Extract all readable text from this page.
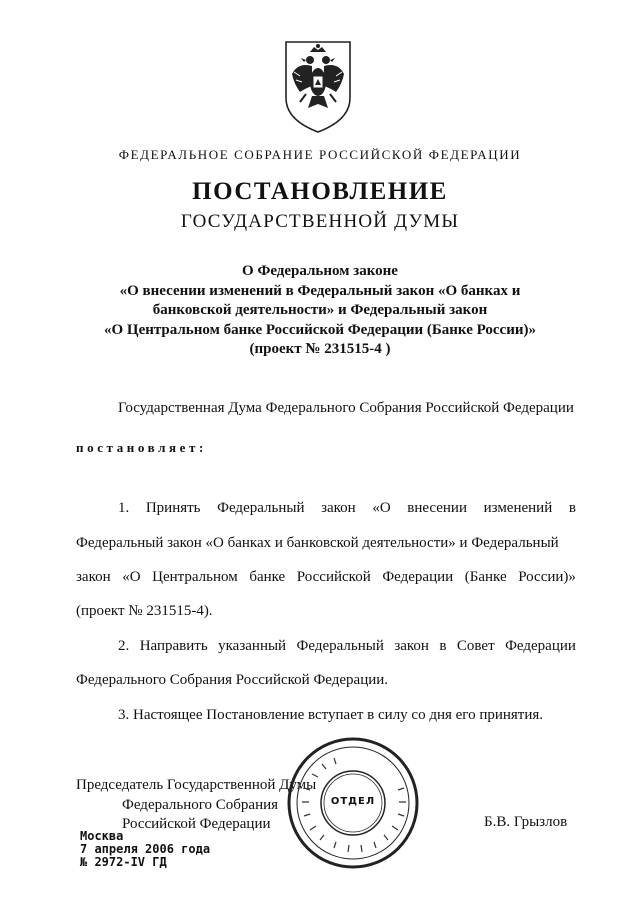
ФЕДЕРАЛЬНОЕ СОБРАНИЕ РОССИЙСКОЙ ФЕДЕРАЦИИ
ПОСТАНОВЛЕНИЕ
ГОСУДАРСТВЕННОЙ ДУМЫ
О Федеральном законе
«О внесении изменений в Федеральный закон «О банках и
банковской деятельности» и Федеральный закон
«О Центральном банке Российской Федерации (Банке России)»
(проект № 231515-4 )
Государственная Дума Федерального Собрания Российской Федерации
постановляет:
1. Принять Федеральный закон «О внесении изменений в
Федеральный закон «О банках и банковской деятельности» и Федеральный
закон «О Центральном банке Российской Федерации (Банке России)»
(проект № 231515-4).
2. Направить указанный Федеральный закон в Совет Федерации
Федерального Собрания Российской Федерации.
3. Настоящее Постановление вступает в силу со дня его принятия.
Председатель Государственной Думы
Федерального Собрания
Российской Федерации	Б.В. Грызлов
ОТДЕЛ
Москва
7 апреля 2006 года
№ 2972-IV ГД
